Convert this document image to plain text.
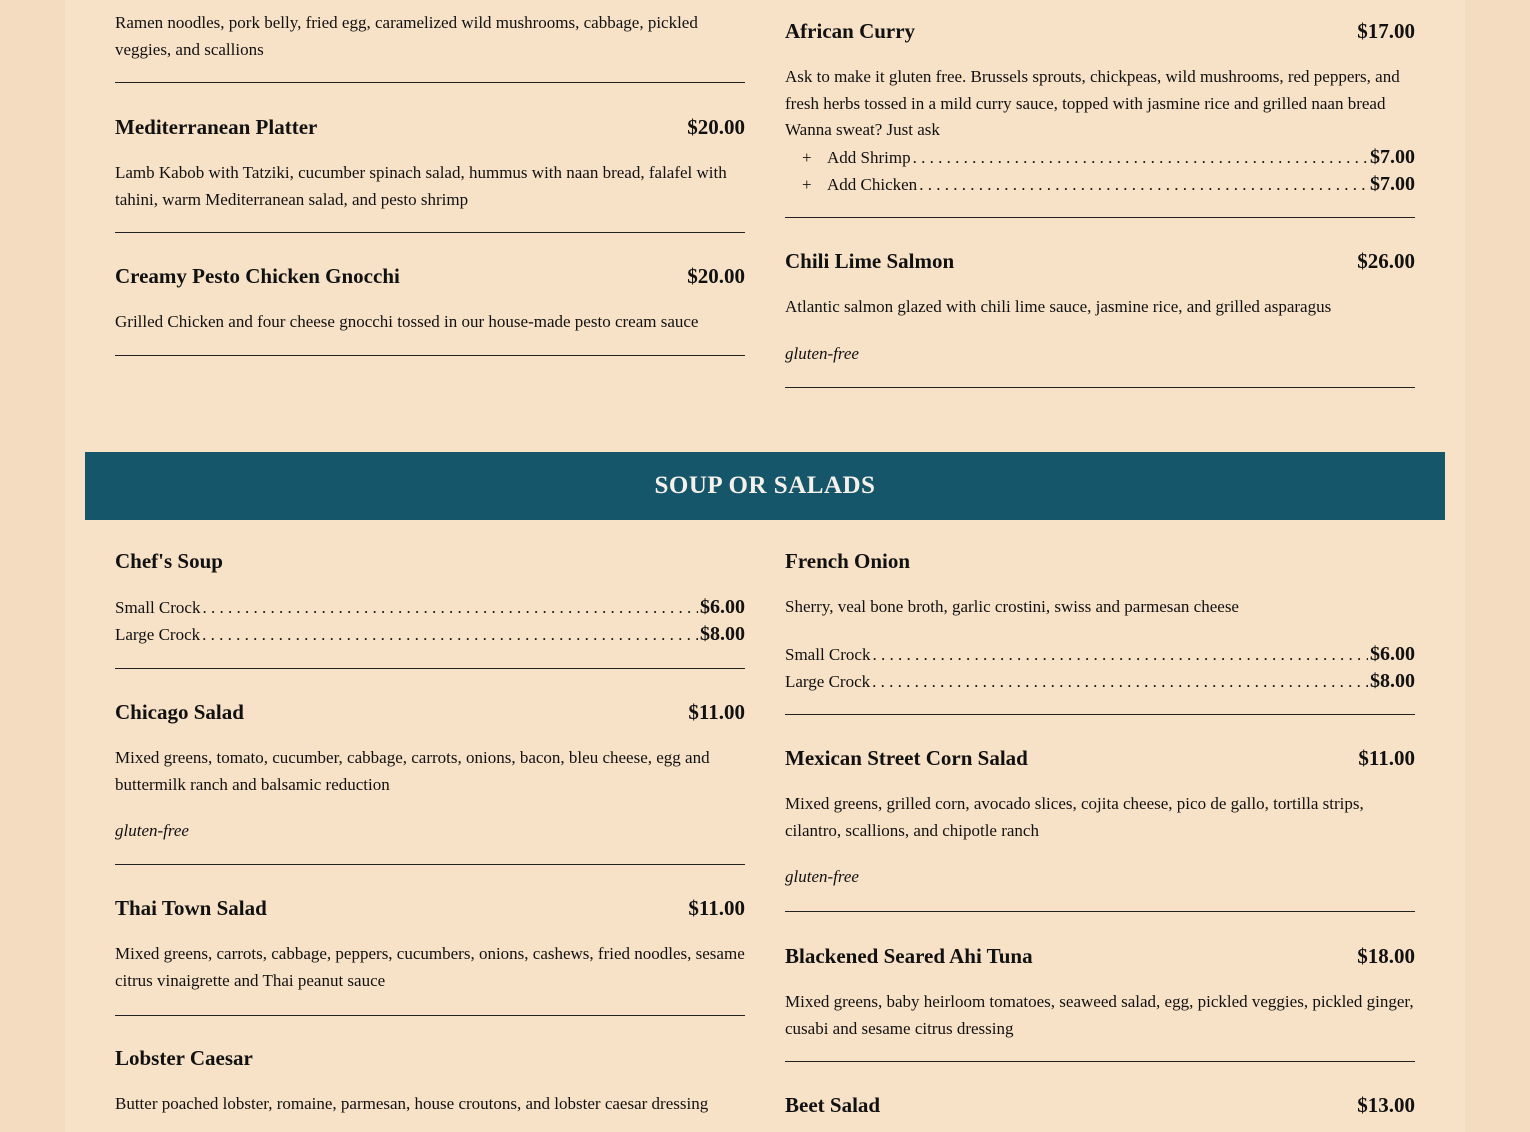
Ramen noodles, pork belly, fried egg, caramelized wild mushrooms, cabbage, pickled veggies, and scallions

Mediterranean Platter	$20.00

Lamb Kabob with Tatziki, cucumber spinach salad, hummus with naan bread, falafel with tahini, warm Mediterranean salad, and pesto shrimp

Creamy Pesto Chicken Gnocchi	$20.00

Grilled Chicken and four cheese gnocchi tossed in our house-made pesto cream sauce

African Curry	$17.00

Ask to make it gluten free. Brussels sprouts, chickpeas, wild mushrooms, red peppers, and fresh herbs tossed in a mild curry sauce, topped with jasmine rice and grilled naan bread Wanna sweat? Just ask

+ Add Shrimp . . .	$7.00
+ Add Chicken . . .	$7.00
Chili Lime Salmon	$26.00

Atlantic salmon glazed with chili lime sauce, jasmine rice, and grilled asparagus

gluten-free
SOUP OR SALADS
Chef's Soup
Small Crock . . .	$6.00
Large Crock . . .	$8.00
Chicago Salad	$11.00

Mixed greens, tomato, cucumber, cabbage, carrots, onions, bacon, bleu cheese, egg and buttermilk ranch and balsamic reduction

gluten-free
Thai Town Salad	$11.00

Mixed greens, carrots, cabbage, peppers, cucumbers, onions, cashews, fried noodles, sesame citrus vinaigrette and Thai peanut sauce

Lobster Caesar

Butter poached lobster, romaine, parmesan, house croutons, and lobster caesar dressing

French Onion

Sherry, veal bone broth, garlic crostini, swiss and parmesan cheese

Small Crock . . .	$6.00
Large Crock . . .	$8.00
Mexican Street Corn Salad	$11.00

Mixed greens, grilled corn, avocado slices, cojita cheese, pico de gallo, tortilla strips, cilantro, scallions, and chipotle ranch

gluten-free
Blackened Seared Ahi Tuna	$18.00

Mixed greens, baby heirloom tomatoes, seaweed salad, egg, pickled veggies, pickled ginger, cusabi and sesame citrus dressing

Beet Salad	$13.00
